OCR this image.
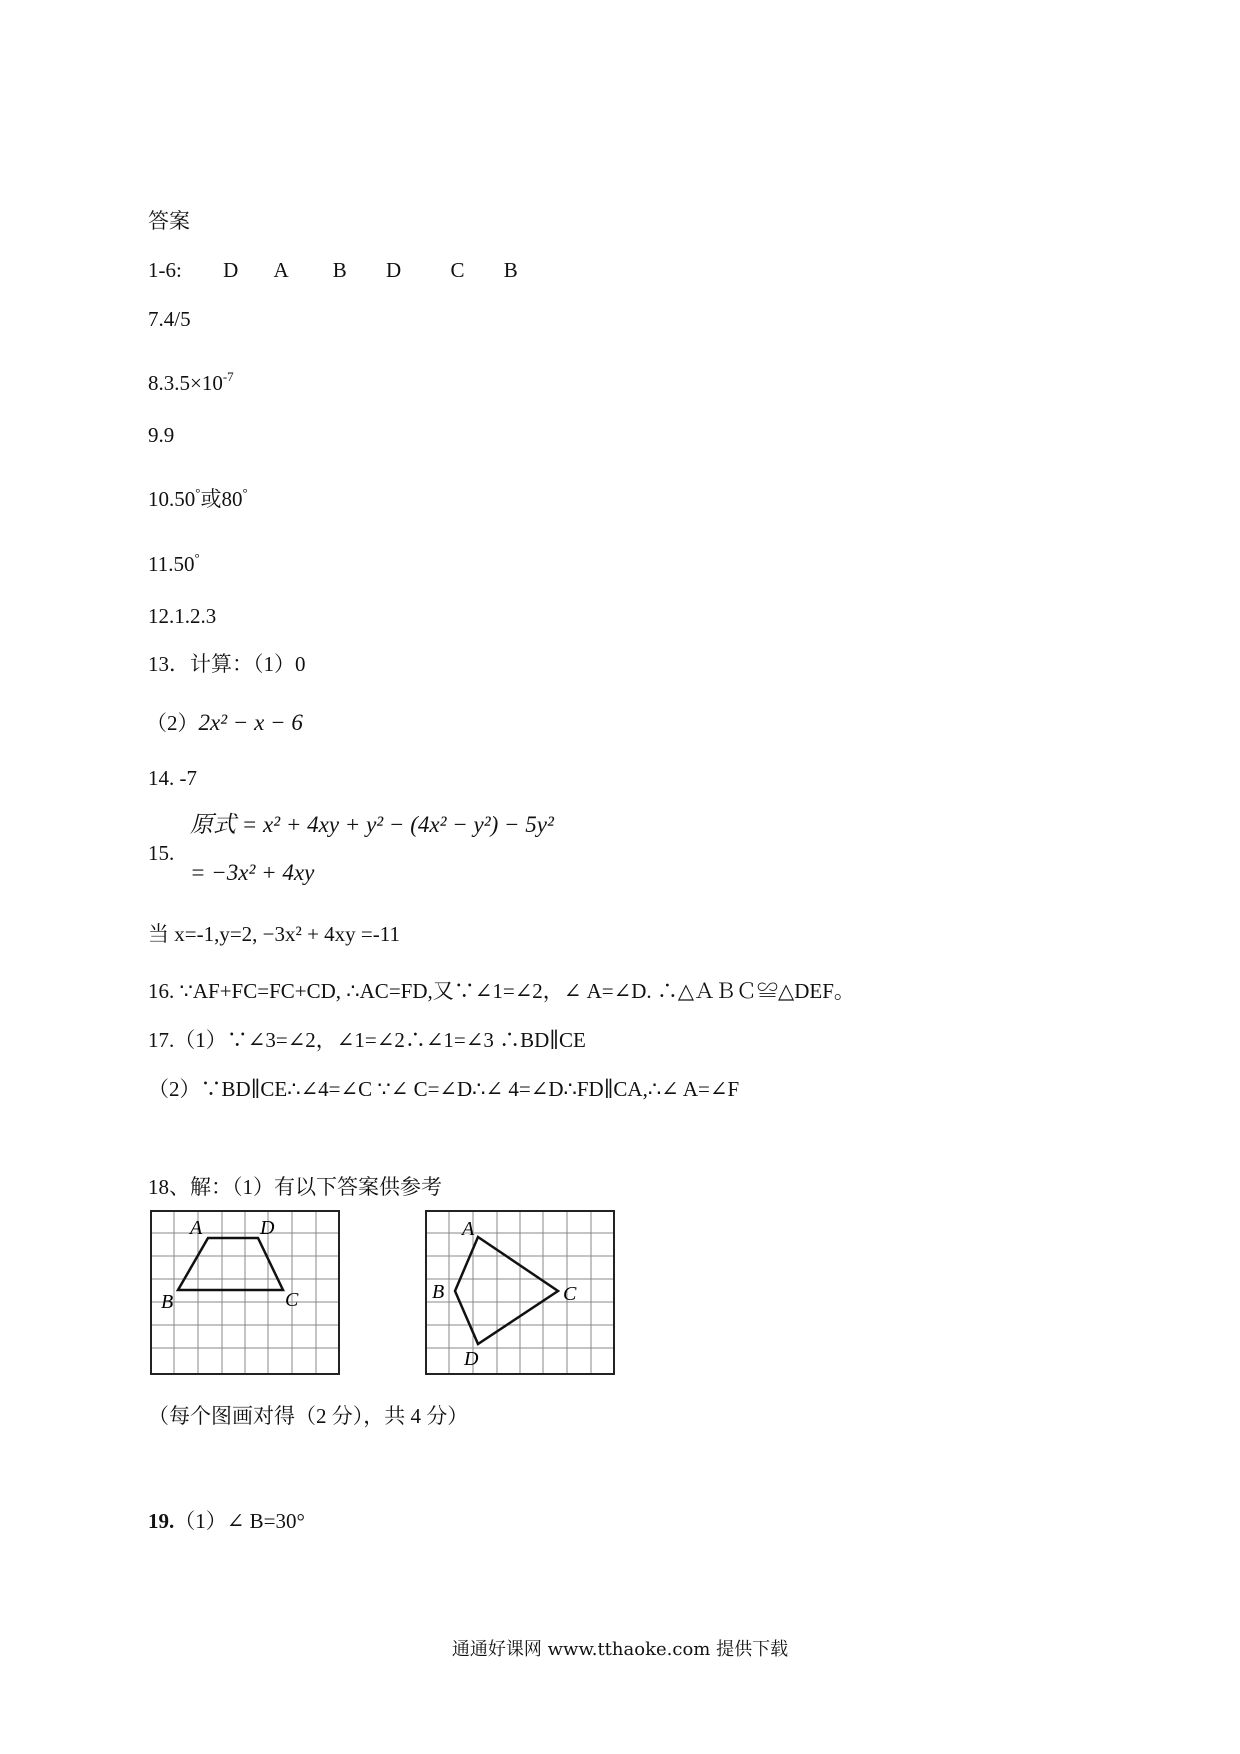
答案
1-6: D A B D C B
7.4/5
$8.3.5\times 10^{-7}$
9.9
10.50°或80°
11.50°
12.1.2.3
13．计算：（1）0
（2）2x² − x − 6
14. -7
15.
原式 = x² + 4xy + y² − (4x² − y²) − 5y²
= −3x² + 4xy
当 x=-1,y=2, −3x² + 4xy =-11
16. ∵AF+FC=FC+CD, ∴AC=FD,又∵∠1=∠2，∠ A=∠D. ∴△ＡＢＣ≌△DEF。
17.（1）∵∠3=∠2，∠1=∠2∴∠1=∠3 ∴BD∥CE
（2）∵BD∥CE∴∠4=∠C ∵∠ C=∠D∴∠ 4=∠D∴FD∥CA,∴∠ A=∠F
18、解：（1）有以下答案供参考
A	D
B	C
A
B	C
D
（每个图画对得（2 分），共 4 分）
19.（1）∠ B=30°
通通好课网 www.tthaoke.com 提供下载
